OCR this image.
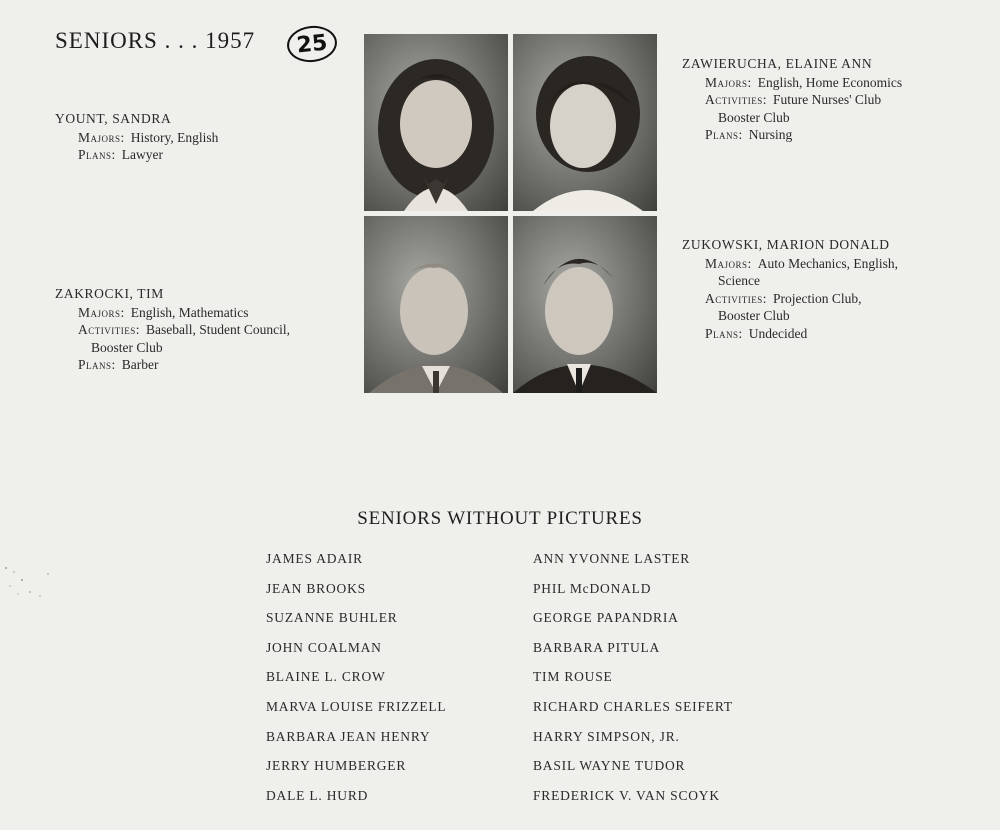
SENIORS . . . 1957	25
YOUNT, SANDRA
Majors: History, English
Plans: Lawyer
ZAKROCKI, TIM
Majors: English, Mathematics
Activities: Baseball, Student Council,
Booster Club
Plans: Barber
ZAWIERUCHA, ELAINE ANN
Majors: English, Home Economics
Activities: Future Nurses' Club
Booster Club
Plans: Nursing
ZUKOWSKI, MARION DONALD
Majors: Auto Mechanics, English,
Science
Activities: Projection Club,
Booster Club
Plans: Undecided
SENIORS WITHOUT PICTURES
JAMES ADAIR
JEAN BROOKS
SUZANNE BUHLER
JOHN COALMAN
BLAINE L. CROW
MARVA LOUISE FRIZZELL
BARBARA JEAN HENRY
JERRY HUMBERGER
DALE L. HURD
ANN YVONNE LASTER
PHIL McDONALD
GEORGE PAPANDRIA
BARBARA PITULA
TIM ROUSE
RICHARD CHARLES SEIFERT
HARRY SIMPSON, JR.
BASIL WAYNE TUDOR
FREDERICK V. VAN SCOYK
